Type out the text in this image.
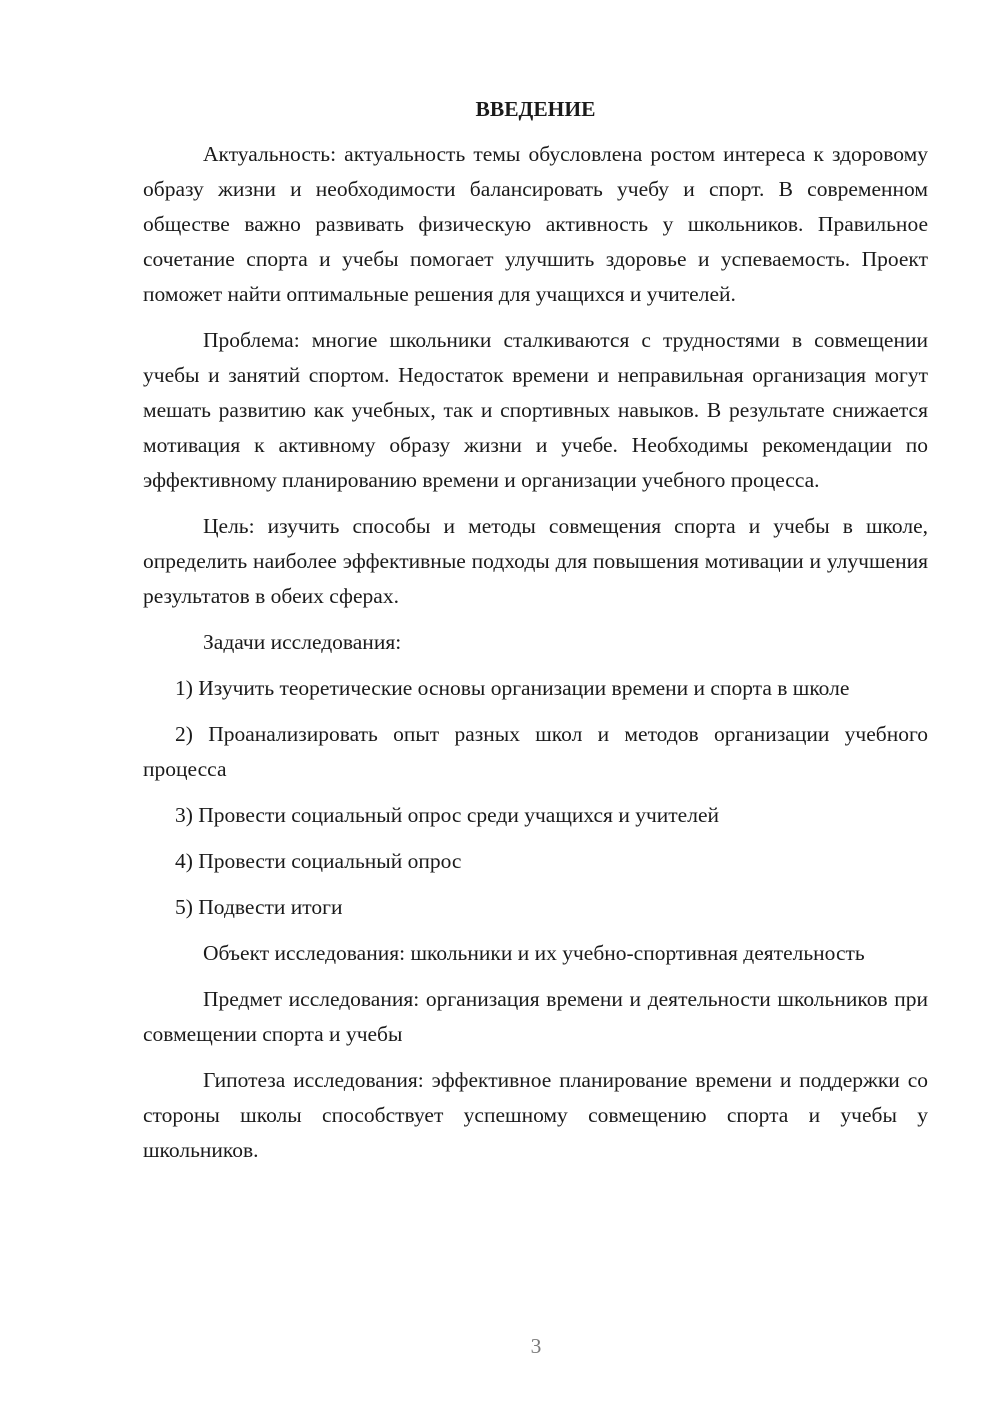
ВВЕДЕНИЕ

Актуальность: актуальность темы обусловлена ростом интереса к здоровому образу жизни и необходимости балансировать учебу и спорт. В современном обществе важно развивать физическую активность у школьников. Правильное сочетание спорта и учебы помогает улучшить здоровье и успеваемость. Проект поможет найти оптимальные решения для учащихся и учителей.

Проблема: многие школьники сталкиваются с трудностями в совмещении учебы и занятий спортом. Недостаток времени и неправильная организация могут мешать развитию как учебных, так и спортивных навыков. В результате снижается мотивация к активному образу жизни и учебе. Необходимы рекомендации по эффективному планированию времени и организации учебного процесса.

Цель: изучить способы и методы совмещения спорта и учебы в школе, определить наиболее эффективные подходы для повышения мотивации и улучшения результатов в обеих сферах.

Задачи исследования:

1) Изучить теоретические основы организации времени и спорта в школе

2) Проанализировать опыт разных школ и методов организации учебного процесса

3) Провести социальный опрос среди учащихся и учителей

4) Провести социальный опрос

5) Подвести итоги

Объект исследования: школьники и их учебно-спортивная деятельность

Предмет исследования: организация времени и деятельности школьников при совмещении спорта и учебы

Гипотеза исследования: эффективное планирование времени и поддержки со стороны школы способствует успешному совмещению спорта и учебы у школьников.

3
